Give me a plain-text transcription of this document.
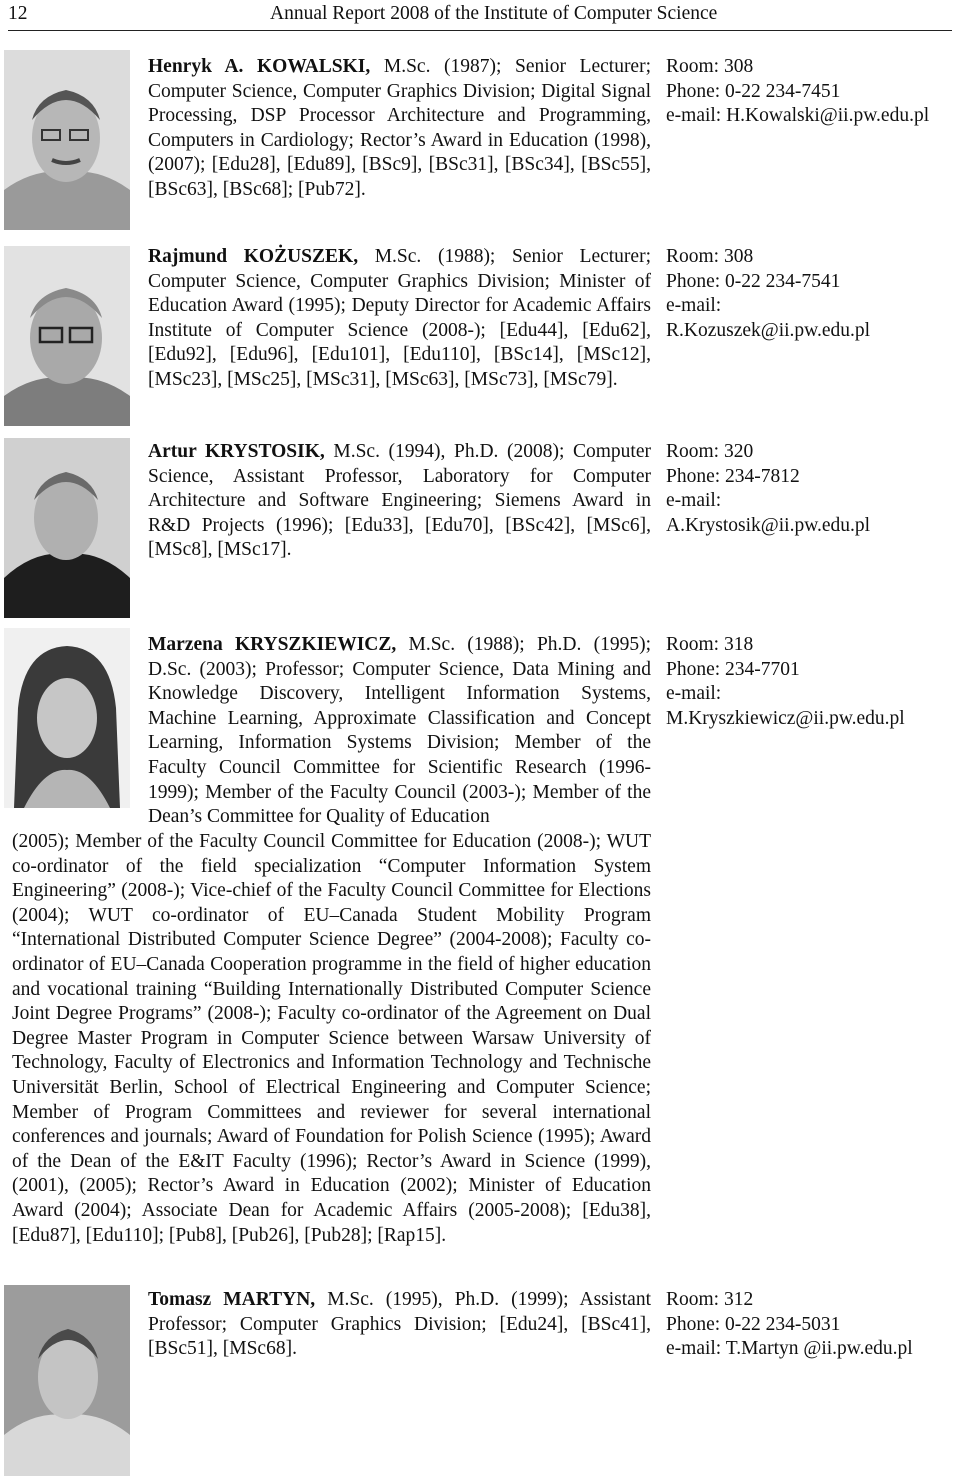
12	Annual Report 2008 of the Institute of Computer Science
Henryk A. KOWALSKI, M.Sc. (1987); Senior Lecturer; Computer Science, Computer Graphics Division; Digital Signal Processing, DSP Processor Architecture and Programming, Computers in Cardiology; Rector’s Award in Education (1998), (2007); [Edu28], [Edu89], [BSc9], [BSc31], [BSc34], [BSc55], [BSc63], [BSc68]; [Pub72].
Room: 308
Phone: 0-22 234-7451
e-mail: H.Kowalski@ii.pw.edu.pl
Rajmund KOŻUSZEK, M.Sc. (1988); Senior Lecturer; Computer Science, Computer Graphics Division; Minister of Education Award (1995); Deputy Director for Academic Affairs Institute of Computer Science (2008-); [Edu44], [Edu62], [Edu92], [Edu96], [Edu101], [Edu110], [BSc14], [MSc12], [MSc23], [MSc25], [MSc31], [MSc63], [MSc73], [MSc79].
Room: 308
Phone: 0-22 234-7541
e-mail:
R.Kozuszek@ii.pw.edu.pl
Artur KRYSTOSIK, M.Sc. (1994), Ph.D. (2008); Computer Science, Assistant Professor, Laboratory for Computer Architecture and Software Engineering; Siemens Award in R&D Projects (1996); [Edu33], [Edu70], [BSc42], [MSc6], [MSc8], [MSc17].
Room: 320
Phone: 234-7812
e-mail:
A.Krystosik@ii.pw.edu.pl
Marzena KRYSZKIEWICZ, M.Sc. (1988); Ph.D. (1995); D.Sc. (2003); Professor; Computer Science, Data Mining and Knowledge Discovery, Intelligent Information Systems, Machine Learning, Approximate Classification and Concept Learning, Information Systems Division; Member of the Faculty Council Committee for Scientific Research (1996-1999); Member of the Faculty Council (2003-); Member of the Dean’s Committee for Quality of Education
(2005); Member of the Faculty Council Committee for Education (2008-); WUT co-ordinator of the field specialization “Computer Information System Engineering” (2008-); Vice-chief of the Faculty Council Committee for Elections (2004); WUT co-ordinator of EU–Canada Student Mobility Program “International Distributed Computer Science Degree” (2004-2008); Faculty co-ordinator of EU–Canada Cooperation programme in the field of higher education and vocational training “Building Internationally Distributed Computer Science Joint Degree Programs” (2008-); Faculty co-ordinator of the Agreement on Dual Degree Master Program in Computer Science between Warsaw University of Technology, Faculty of Electronics and Information Technology and Technische Universität Berlin, School of Electrical Engineering and Computer Science; Member of Program Committees and reviewer for several international conferences and journals; Award of Foundation for Polish Science (1995); Award of the Dean of the E&IT Faculty (1996); Rector’s Award in Science (1999), (2001), (2005); Rector’s Award in Education (2002); Minister of Education Award (2004); Associate Dean for Academic Affairs (2005-2008); [Edu38], [Edu87], [Edu110]; [Pub8], [Pub26], [Pub28]; [Rap15].
Room: 318
Phone: 234-7701
e-mail:
M.Kryszkiewicz@ii.pw.edu.pl
Tomasz MARTYN, M.Sc. (1995), Ph.D. (1999); Assistant Professor; Computer Graphics Division; [Edu24], [BSc41], [BSc51], [MSc68].
Room: 312
Phone: 0-22 234-5031
e-mail: T.Martyn @ii.pw.edu.pl
